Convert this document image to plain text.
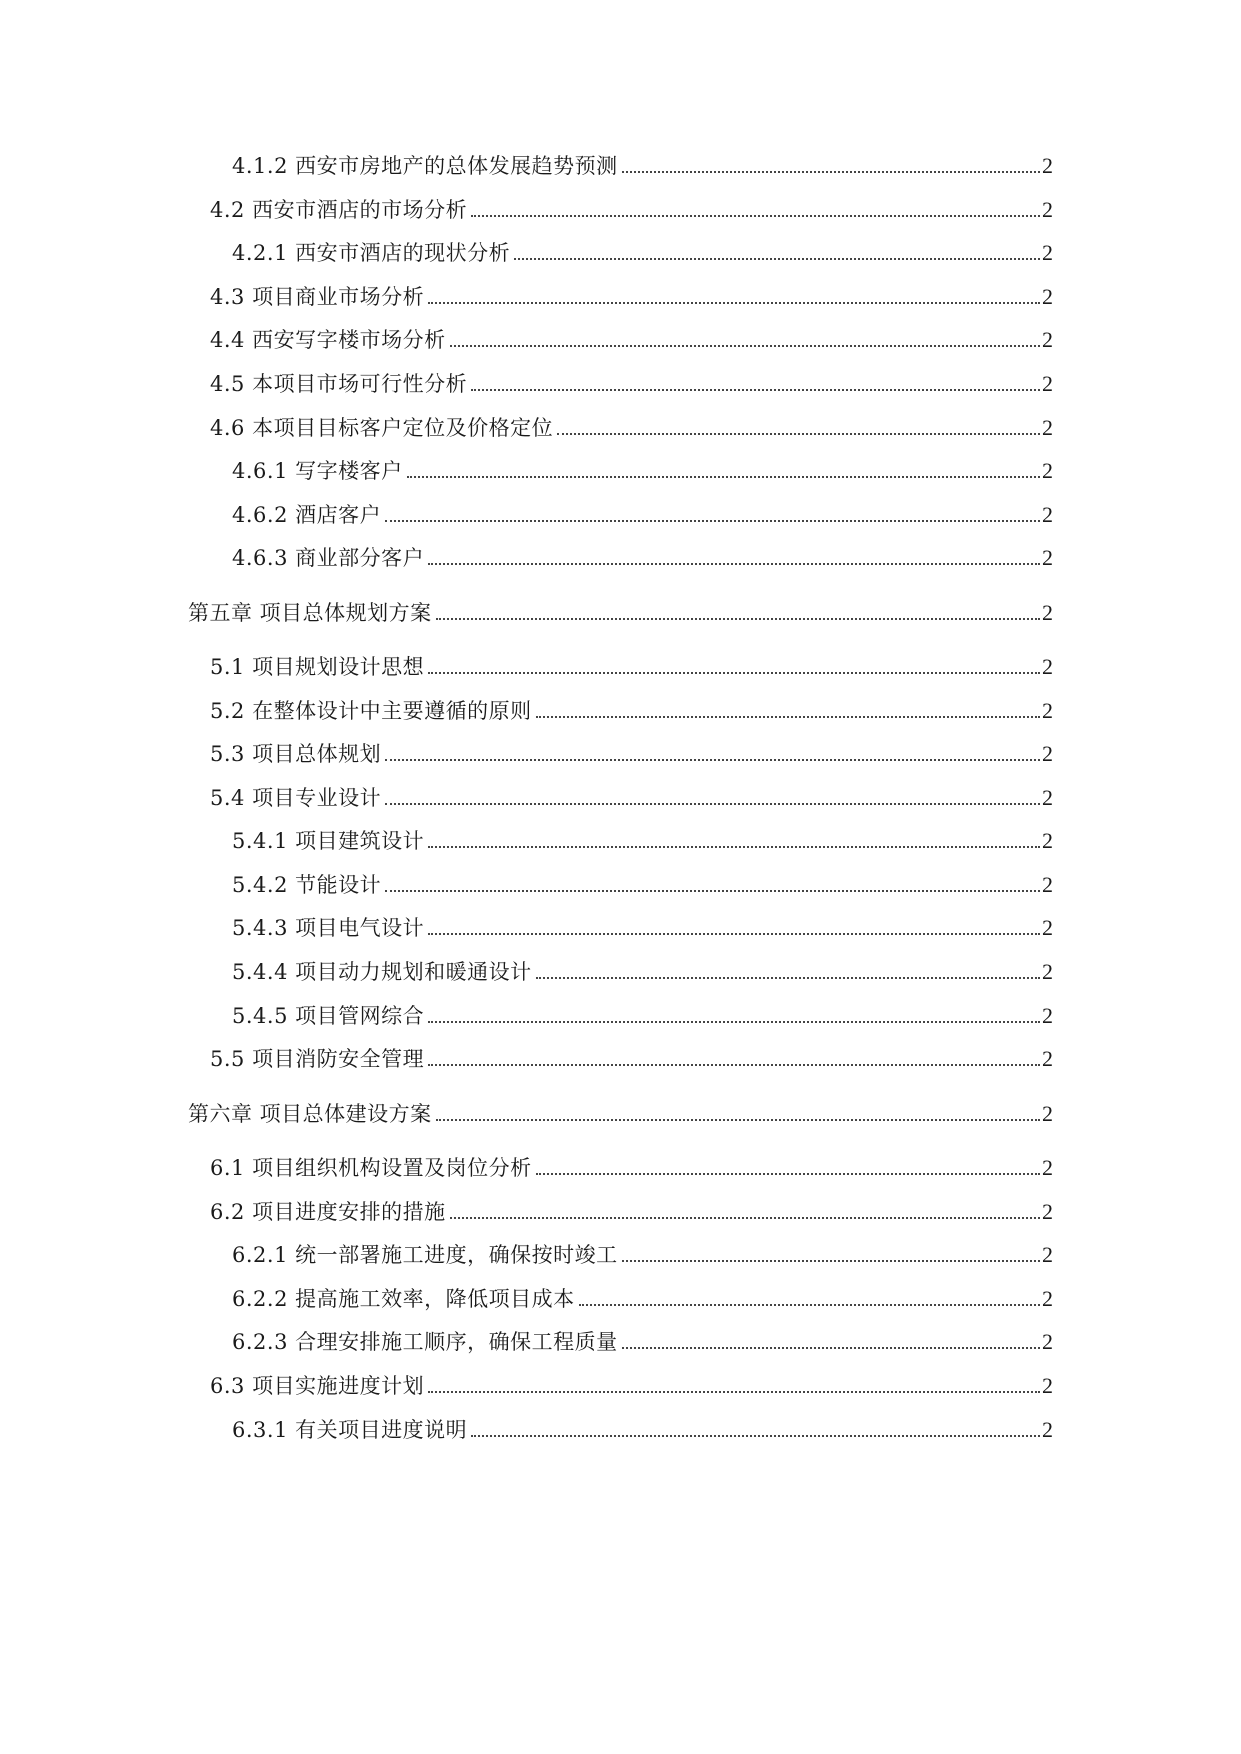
4.1.2 西安市房地产的总体发展趋势预测	2
4.2 西安市酒店的市场分析	2
4.2.1 西安市酒店的现状分析	2
4.3 项目商业市场分析	2
4.4 西安写字楼市场分析	2
4.5 本项目市场可行性分析	2
4.6 本项目目标客户定位及价格定位	2
4.6.1 写字楼客户	2
4.6.2 酒店客户	2
4.6.3 商业部分客户	2
第五章 项目总体规划方案	2
5.1 项目规划设计思想	2
5.2 在整体设计中主要遵循的原则	2
5.3 项目总体规划	2
5.4 项目专业设计	2
5.4.1 项目建筑设计	2
5.4.2 节能设计	2
5.4.3 项目电气设计	2
5.4.4 项目动力规划和暖通设计	2
5.4.5 项目管网综合	2
5.5 项目消防安全管理	2
第六章 项目总体建设方案	2
6.1 项目组织机构设置及岗位分析	2
6.2 项目进度安排的措施	2
6.2.1 统一部署施工进度，确保按时竣工	2
6.2.2 提高施工效率，降低项目成本	2
6.2.3 合理安排施工顺序，确保工程质量	2
6.3 项目实施进度计划	2
6.3.1 有关项目进度说明	2
